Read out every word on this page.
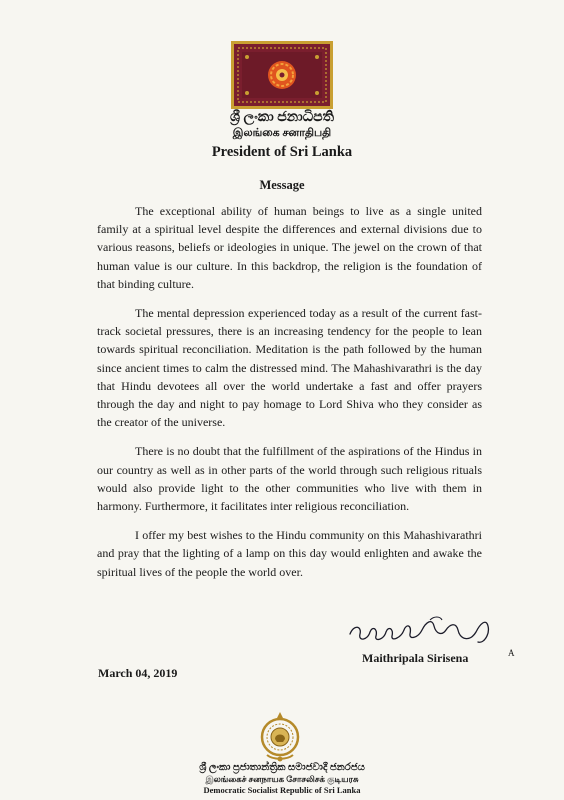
ශ්‍රී ලංකා ජනාධිපති
இலங்கை சனாதிபதி
President of Sri Lanka
Message

The exceptional ability of human beings to live as a single united family at a spiritual level despite the differences and external divisions due to various reasons, beliefs or ideologies in unique. The jewel on the crown of that human value is our culture. In this backdrop, the religion is the foundation of that binding culture.

The mental depression experienced today as a result of the current fast-track societal pressures, there is an increasing tendency for the people to lean towards spiritual reconciliation. Meditation is the path followed by the human since ancient times to calm the distressed mind. The Mahashivarathri is the day that Hindu devotees all over the world undertake a fast and offer prayers through the day and night to pay homage to Lord Shiva who they consider as the creator of the universe.

There is no doubt that the fulfillment of the aspirations of the Hindus in our country as well as in other parts of the world through such religious rituals would also provide light to the other communities who live with them in harmony. Furthermore, it facilitates inter religious reconciliation.

I offer my best wishes to the Hindu community on this Mahashivarathri and pray that the lighting of a lamp on this day would enlighten and awake the spiritual lives of the people the world over.

Maithripala Sirisena	A
March 04, 2019
ශ්‍රී ලංකා ප්‍රජාතාන්ත්‍රික සමාජවාදී ජනරජය
இலங்கைச் சனநாயக சோசலிசக் குடியரசு
Democratic Socialist Republic of Sri Lanka
